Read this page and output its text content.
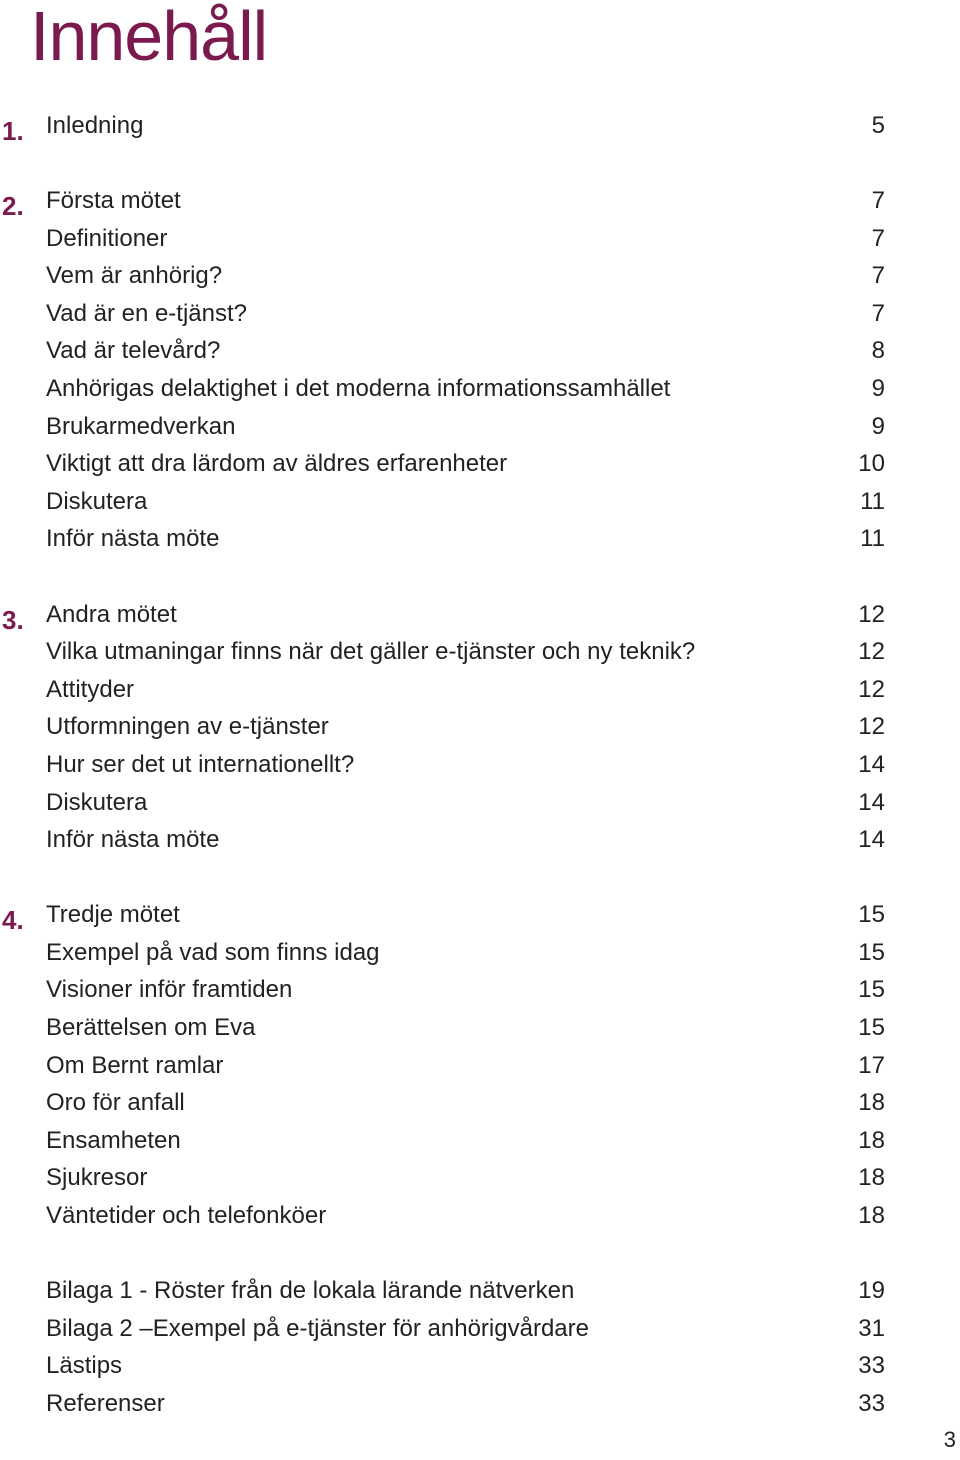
Innehåll
1. Inledning	5
2. Första mötet	7
Definitioner	7
Vem är anhörig?	7
Vad är en e-tjänst?	7
Vad är televård?	8
Anhörigas delaktighet i det moderna informationssamhället	9
Brukarmedverkan	9
Viktigt att dra lärdom av äldres erfarenheter	10
Diskutera	11
Inför nästa möte	11
3. Andra mötet	12
Vilka utmaningar finns när det gäller e-tjänster och ny teknik?	12
Attityder	12
Utformningen av e-tjänster	12
Hur ser det ut internationellt?	14
Diskutera	14
Inför nästa möte	14
4. Tredje mötet	15
Exempel på vad som finns idag	15
Visioner inför framtiden	15
Berättelsen om Eva	15
Om Bernt ramlar	17
Oro för anfall	18
Ensamheten	18
Sjukresor	18
Väntetider och telefonköer	18
Bilaga 1 - Röster från de lokala lärande nätverken	19
Bilaga 2 –Exempel på e-tjänster för anhörigvårdare	31
Lästips	33
Referenser	33
3
